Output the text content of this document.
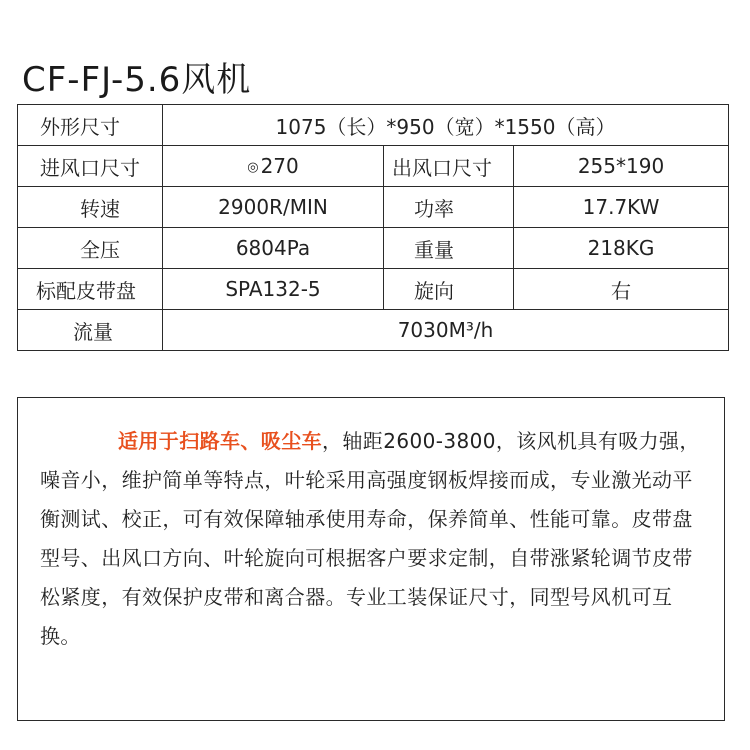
CF-FJ-5.6风机
外形尺寸	1075（长）*950（宽）*1550（高）		
进风口尺寸	◎ 270	出风口尺寸	255*190
转速	2900R/MIN	功率	17.7KW
全压	6804Pa	重量	218KG
标配皮带盘	SPA132-5	旋向	右
流量	7030M³/h		

适用于扫路车、吸尘车，轴距2600-3800，该风机具有吸力强，噪音小，维护简单等特点，叶轮采用高强度钢板焊接而成，专业激光动平衡测试、校正，可有效保障轴承使用寿命，保养简单、性能可靠。皮带盘型号、出风口方向、叶轮旋向可根据客户要求定制，自带涨紧轮调节皮带松紧度，有效保护皮带和离合器。专业工装保证尺寸，同型号风机可互换。
